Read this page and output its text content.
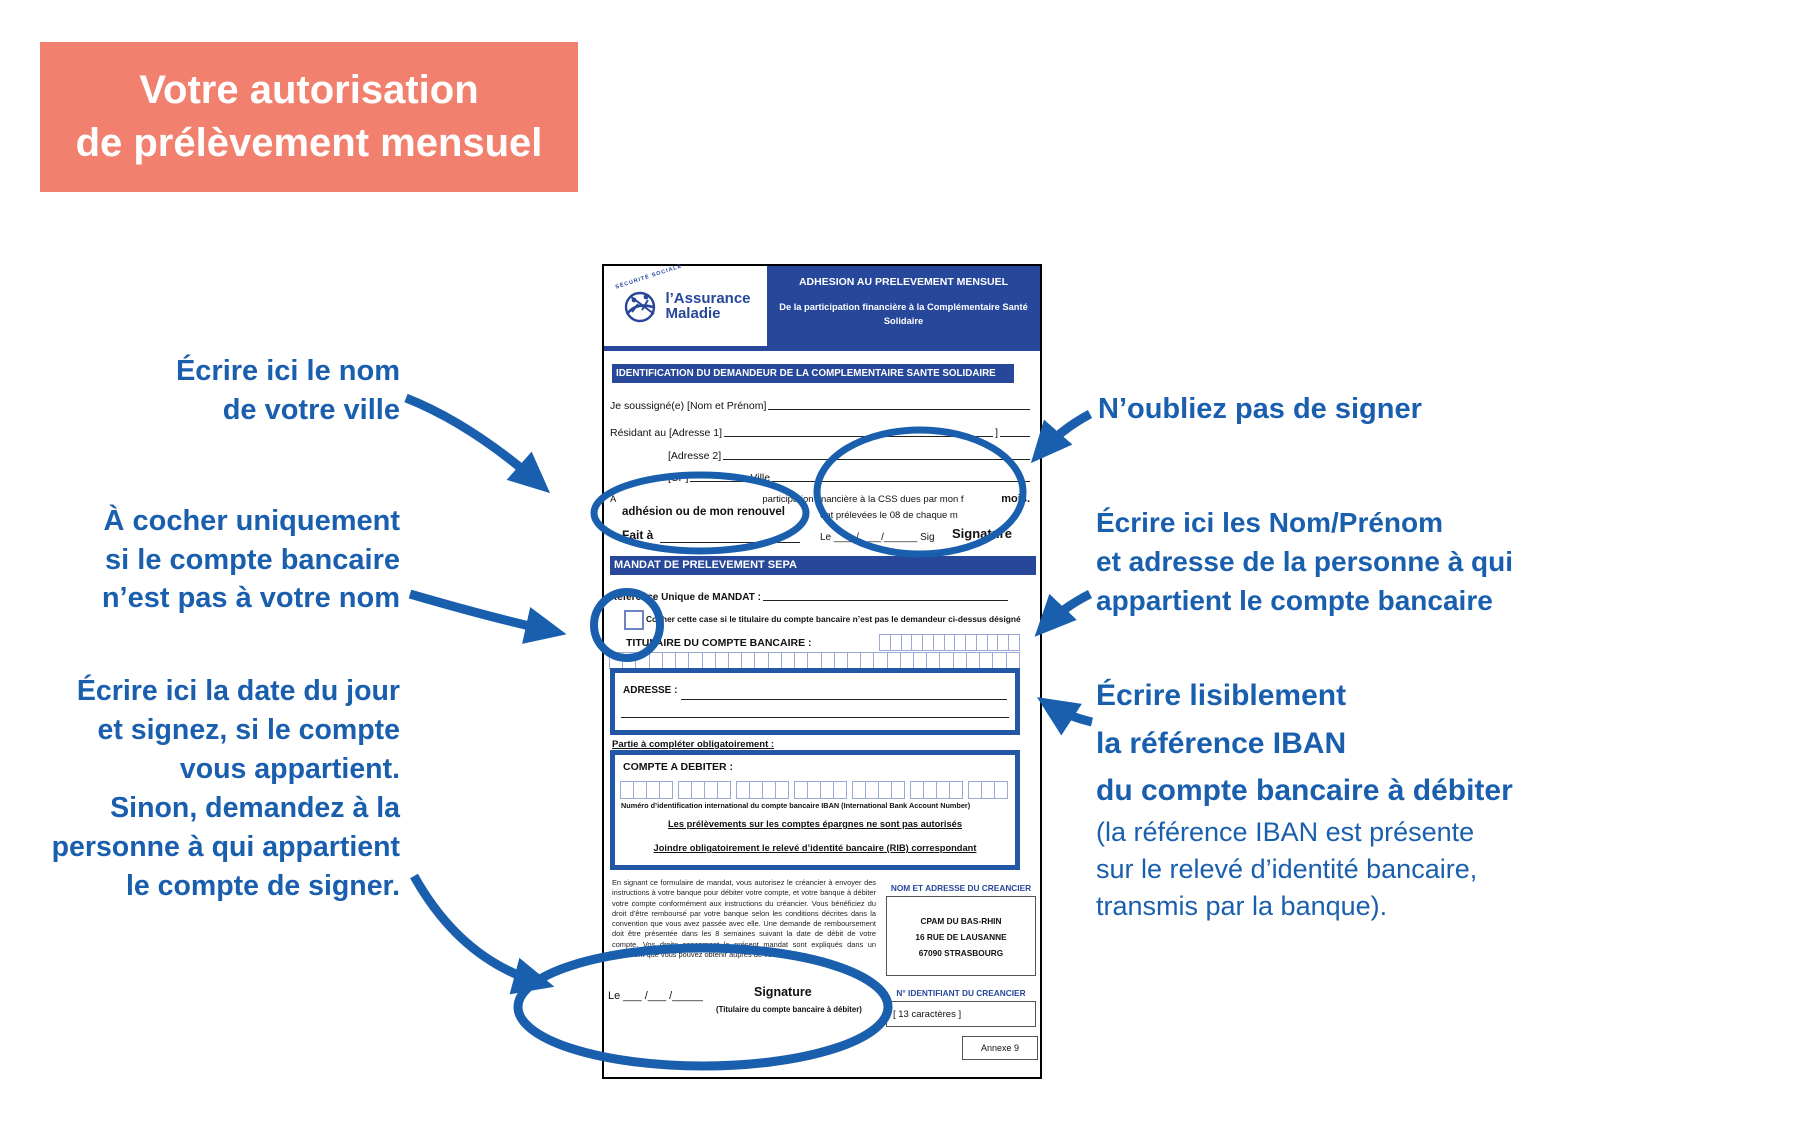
Votre autorisation
de prélèvement mensuel
Écrire ici le nom
de votre ville
À cocher uniquement
si le compte bancaire
n’est pas à votre nom
Écrire ici la date du jour
et signez, si le compte
vous appartient.
Sinon, demandez à la
personne à qui appartient
le compte de signer.
N’oubliez pas de signer
Écrire ici les Nom/Prénom
et adresse de la personne à qui
appartient le compte bancaire
Écrire lisiblement
la référence IBAN
du compte bancaire à débiter
(la référence IBAN est présente
sur le relevé d’identité bancaire,
transmis par la banque).
SÉCURITÉ SOCIALE
l’Assurance
Maladie
ADHESION AU PRELEVEMENT MENSUEL
De la participation financière à la Complémentaire Santé
Solidaire
IDENTIFICATION DU DEMANDEUR DE LA COMPLEMENTAIRE SANTE SOLIDAIRE
Je soussigné(e) [Nom et Prénom]
Résidant au [Adresse 1]	]
[Adresse 2]
[CP]	Ville
A	participation financière à la CSS dues par mon f	mois.
adhésion ou de mon renouvel	ent prélevées le 08 de chaque m
Fait à	Le ____/____/______ Sig Signature
MANDAT DE PRELEVEMENT SEPA
Référence Unique de MANDAT :
Cocher cette case si le titulaire du compte bancaire n’est pas le demandeur ci-dessus désigné
TITULAIRE DU COMPTE BANCAIRE :
ADRESSE :
Partie à compléter obligatoirement :
COMPTE A DEBITER :
Numéro d’identification international du compte bancaire IBAN (International Bank Account Number)
Les prélèvements sur les comptes épargnes ne sont pas autorisés
Joindre obligatoirement le relevé d’identité bancaire (RIB) correspondant
En signant ce formulaire de mandat, vous autorisez le créancier à envoyer des instructions à votre banque pour débiter votre compte, et votre banque à débiter votre compte conformément aux instructions du créancier. Vous bénéficiez du droit d’être remboursé par votre banque selon les conditions décrites dans la convention que vous avez passée avec elle. Une demande de remboursement doit être présentée dans les 8 semaines suivant la date de débit de votre compte. Vos droits concernant le présent mandat sont expliqués dans un document que vous pouvez obtenir auprès de votre banque.
NOM ET ADRESSE DU CREANCIER
CPAM DU BAS-RHIN
16 RUE DE LAUSANNE
67090 STRASBOURG
N° IDENTIFIANT DU CREANCIER
[ 13 caractères ]
Le ___ /___ /_____	Signature
(Titulaire du compte bancaire à débiter)
Annexe 9
